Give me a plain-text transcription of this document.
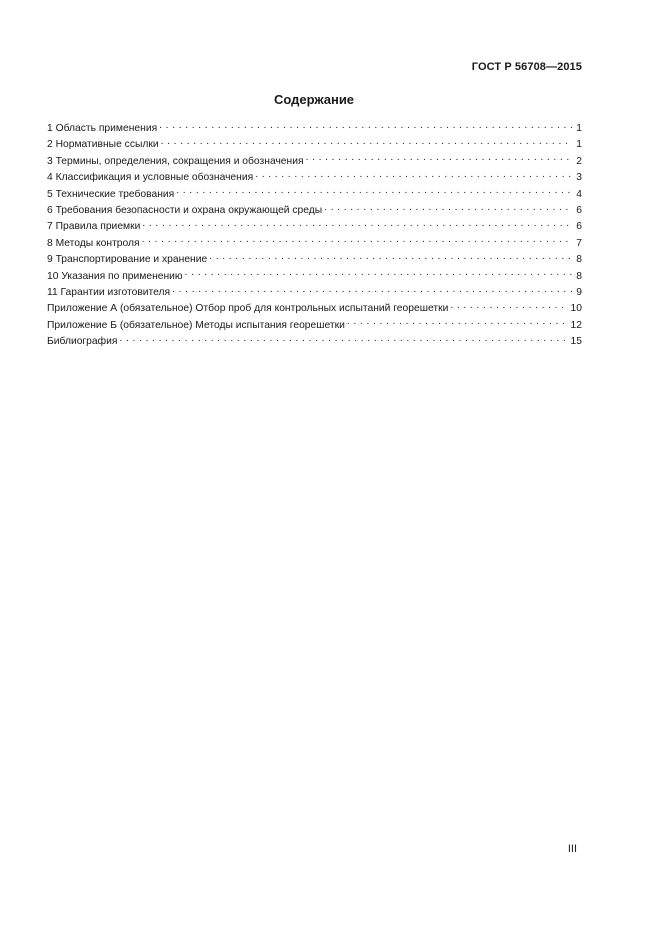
ГОСТ Р 56708—2015
Содержание
1 Область применения . . .	1
2 Нормативные ссылки . . .	1
3 Термины, определения, сокращения и обозначения . . .	2
4 Классификация и условные обозначения . . .	3
5 Технические требования . . .	4
6 Требования безопасности и охрана окружающей среды . . .	6
7 Правила приемки . . .	6
8 Методы контроля . . .	7
9 Транспортирование и хранение . . .	8
10 Указания по применению . . .	8
11 Гарантии изготовителя . . .	9
Приложение А (обязательное) Отбор проб для контрольных испытаний георешетки . . .	10
Приложение Б (обязательное) Методы испытания георешетки . . .	12
Библиография . . .	15
III
